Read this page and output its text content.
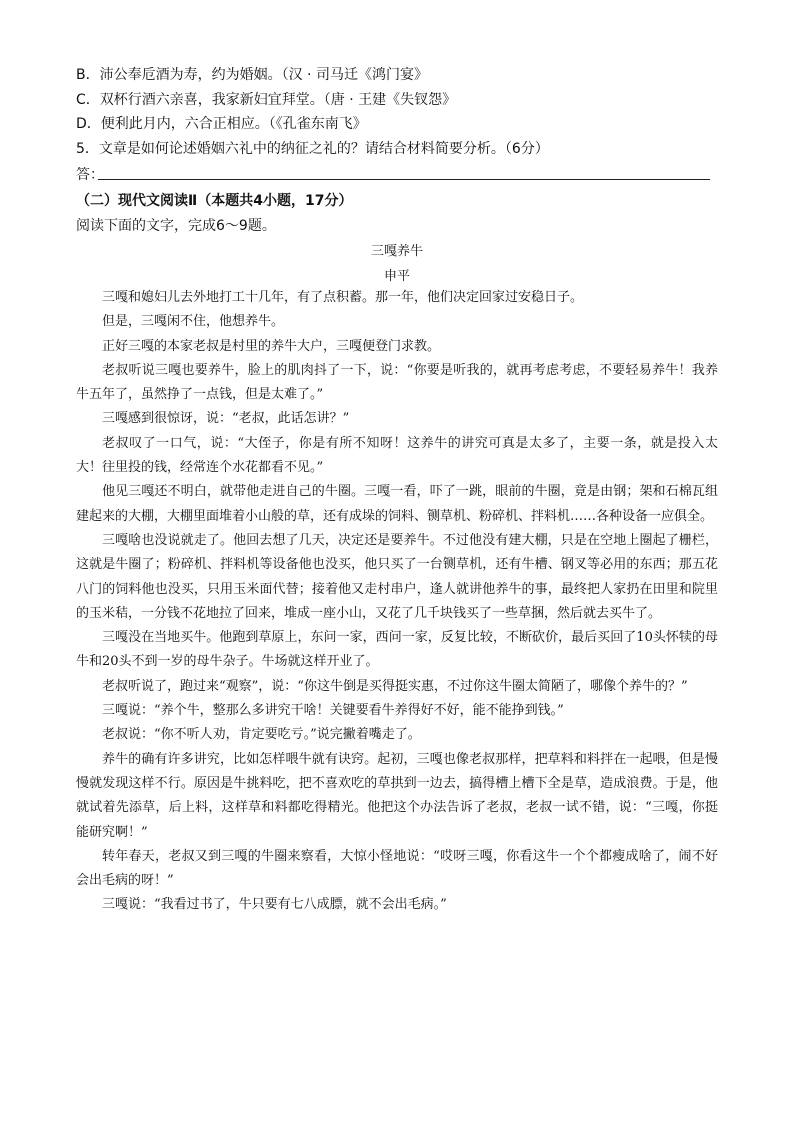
B．沛公奉卮酒为寿，约为婚姻。（汉 · 司马迁《鸿门宴》
C．双杯行酒六亲喜，我家新妇宜拜堂。（唐 · 王建《失钗怨》
D．便利此月内，六合正相应。（《孔雀东南飞》
5．文章是如何论述婚姻六礼中的纳征之礼的？请结合材料简要分析。（6分）
答：
（二）现代文阅读Ⅱ（本题共4小题，17分）
阅读下面的文字，完成6～9题。
三嘎养牛
申平

三嘎和媳妇儿去外地打工十几年，有了点积蓄。那一年，他们决定回家过安稳日子。

但是，三嘎闲不住，他想养牛。

正好三嘎的本家老叔是村里的养牛大户，三嘎便登门求教。

老叔听说三嘎也要养牛，脸上的肌肉抖了一下，说：“你要是听我的，就再考虑考虑，不要轻易养牛！我养牛五年了，虽然挣了一点钱，但是太难了。”

三嘎感到很惊讶，说：“老叔，此话怎讲？”

老叔叹了一口气，说：“大侄子，你是有所不知呀！这养牛的讲究可真是太多了，主要一条，就是投入太大！往里投的钱，经常连个水花都看不见。”

他见三嘎还不明白，就带他走进自己的牛圈。三嘎一看，吓了一跳，眼前的牛圈，竟是由钢；架和石棉瓦组建起来的大棚，大棚里面堆着小山般的草，还有成垛的饲料、铡草机、粉碎机、拌料机……各种设备一应俱全。

三嘎啥也没说就走了。他回去想了几天，决定还是要养牛。不过他没有建大棚，只是在空地上圈起了栅栏，这就是牛圈了；粉碎机、拌料机等设备他也没买，他只买了一台铡草机，还有牛槽、钢叉等必用的东西；那五花八门的饲料他也没买，只用玉米面代替；接着他又走村串户，逢人就讲他养牛的事，最终把人家扔在田里和院里的玉米秸，一分钱不花地拉了回来，堆成一座小山，又花了几千块钱买了一些草捆，然后就去买牛了。

三嘎没在当地买牛。他跑到草原上，东问一家，西问一家，反复比较，不断砍价，最后买回了10头怀犊的母牛和20头不到一岁的母牛杂子。牛场就这样开业了。

老叔听说了，跑过来“观察”，说：“你这牛倒是买得挺实惠，不过你这牛圈太简陋了，哪像个养牛的？”

三嘎说：“养个牛，整那么多讲究干啥！关键要看牛养得好不好，能不能挣到钱。”

老叔说：“你不听人劝，肯定要吃亏。”说完撇着嘴走了。

养牛的确有许多讲究，比如怎样喂牛就有诀窍。起初，三嘎也像老叔那样，把草料和料拌在一起喂，但是慢慢就发现这样不行。原因是牛挑料吃，把不喜欢吃的草拱到一边去，搞得槽上槽下全是草，造成浪费。于是，他就试着先添草，后上料，这样草和料都吃得精光。他把这个办法告诉了老叔，老叔一试不错，说：“三嘎，你挺能研究啊！”

转年春天，老叔又到三嘎的牛圈来察看，大惊小怪地说：“哎呀三嘎，你看这牛一个个都瘦成啥了，闹不好会出毛病的呀！”

三嘎说：“我看过书了，牛只要有七八成膘，就不会出毛病。”
